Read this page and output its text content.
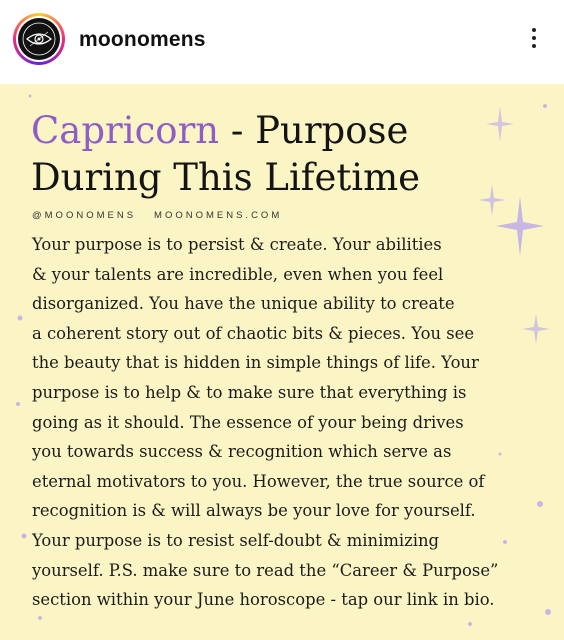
moonomens
Capricorn - Purpose
During This Lifetime
@MOONOMENS MOONOMENS.COM
Your purpose is to persist & create. Your abilities
& your talents are incredible, even when you feel
disorganized. You have the unique ability to create
a coherent story out of chaotic bits & pieces. You see
the beauty that is hidden in simple things of life. Your
purpose is to help & to make sure that everything is
going as it should. The essence of your being drives
you towards success & recognition which serve as
eternal motivators to you. However, the true source of
recognition is & will always be your love for yourself.
Your purpose is to resist self-doubt & minimizing
yourself. P.S. make sure to read the “Career & Purpose”
section within your June horoscope - tap our link in bio.
